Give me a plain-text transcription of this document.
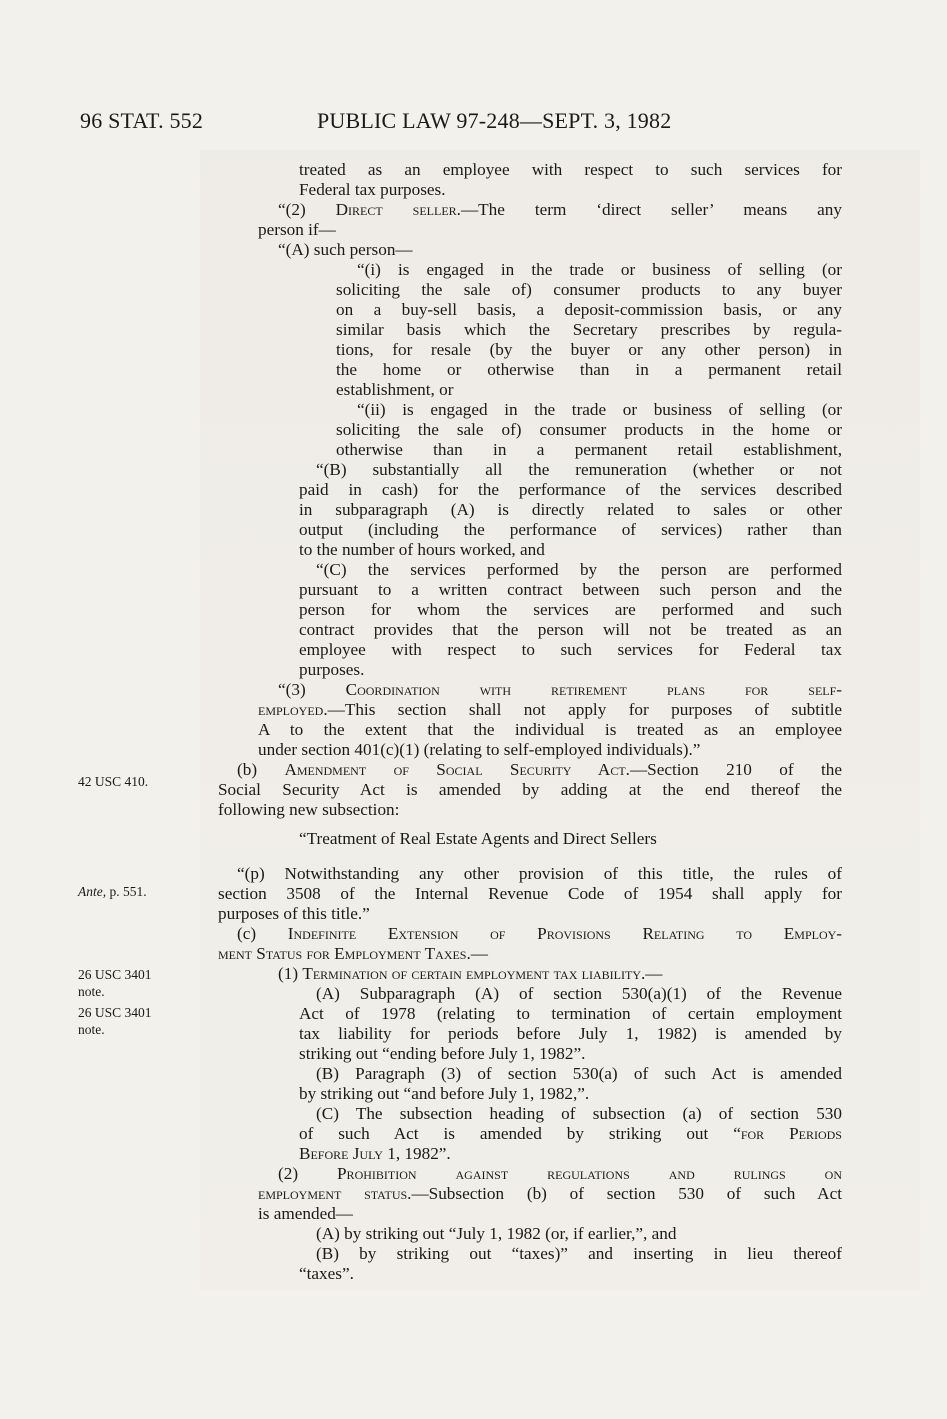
96 STAT. 552	PUBLIC LAW 97-248—SEPT. 3, 1982
42 USC 410.
Ante, p. 551.
26 USC 3401
note.
26 USC 3401
note.
treated as an employee with respect to such services for
Federal tax purposes.
“(2) Direct seller.—The term ‘direct seller’ means any
person if—
“(A) such person—
“(i) is engaged in the trade or business of selling (or
soliciting the sale of) consumer products to any buyer
on a buy-sell basis, a deposit-commission basis, or any
similar basis which the Secretary prescribes by regula-
tions, for resale (by the buyer or any other person) in
the home or otherwise than in a permanent retail
establishment, or
“(ii) is engaged in the trade or business of selling (or
soliciting the sale of) consumer products in the home or
otherwise than in a permanent retail establishment,
“(B) substantially all the remuneration (whether or not
paid in cash) for the performance of the services described
in subparagraph (A) is directly related to sales or other
output (including the performance of services) rather than
to the number of hours worked, and
“(C) the services performed by the person are performed
pursuant to a written contract between such person and the
person for whom the services are performed and such
contract provides that the person will not be treated as an
employee with respect to such services for Federal tax
purposes.
“(3) Coordination with retirement plans for self-
employed.—This section shall not apply for purposes of subtitle
A to the extent that the individual is treated as an employee
under section 401(c)(1) (relating to self-employed individuals).”
(b) Amendment of Social Security Act.—Section 210 of the
Social Security Act is amended by adding at the end thereof the
following new subsection:
“Treatment of Real Estate Agents and Direct Sellers
“(p) Notwithstanding any other provision of this title, the rules of
section 3508 of the Internal Revenue Code of 1954 shall apply for
purposes of this title.”
(c) Indefinite Extension of Provisions Relating to Employ-
ment Status for Employment Taxes.—
(1) Termination of certain employment tax liability.—
(A) Subparagraph (A) of section 530(a)(1) of the Revenue
Act of 1978 (relating to termination of certain employment
tax liability for periods before July 1, 1982) is amended by
striking out “ending before July 1, 1982”.
(B) Paragraph (3) of section 530(a) of such Act is amended
by striking out “and before July 1, 1982,”.
(C) The subsection heading of subsection (a) of section 530
of such Act is amended by striking out “for Periods
Before July 1, 1982”.
(2) Prohibition against regulations and rulings on
employment status.—Subsection (b) of section 530 of such Act
is amended—
(A) by striking out “July 1, 1982 (or, if earlier,”, and
(B) by striking out “taxes)” and inserting in lieu thereof
“taxes”.
